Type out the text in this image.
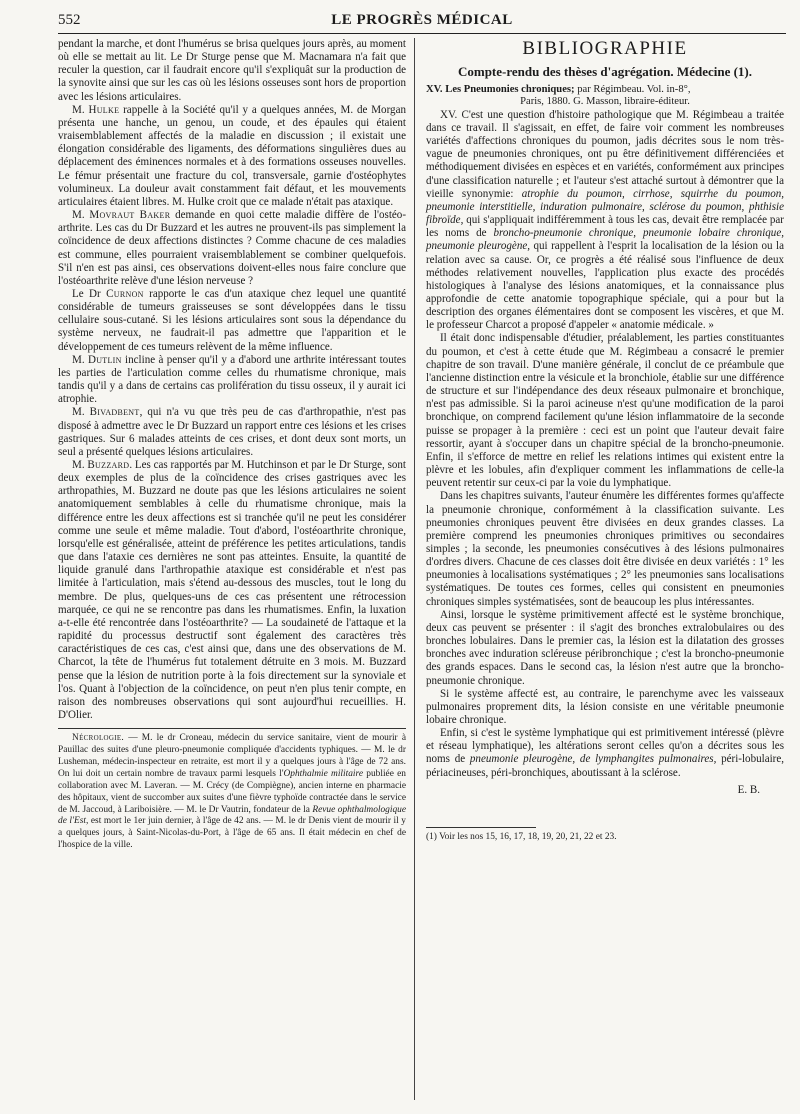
552	LE PROGRÈS MÉDICAL

pendant la marche, et dont l'humérus se brisa quelques jours après, au moment où elle se mettait au lit. Le Dr Sturge pense que M. Macnamara n'a fait que reculer la question, car il faudrait encore qu'il s'expliquât sur la production de la synovite ainsi que sur les cas où les lésions osseuses sont hors de proportion avec les lésions articulaires.

M. Hulke rappelle à la Société qu'il y a quelques années, M. de Morgan présenta une hanche, un genou, un coude, et des épaules qui étaient vraisemblablement affectés de la maladie en discussion ; il existait une élongation considérable des ligaments, des déformations singulières dues au déplacement des éminences normales et à des formations osseuses nouvelles. Le fémur présentait une fracture du col, transversale, garnie d'ostéophytes volumineux. La douleur avait constamment fait défaut, et les mouvements articulaires étaient libres. M. Hulke croit que ce malade n'était pas ataxique.

M. Movraut Baker demande en quoi cette maladie diffère de l'ostéo-arthrite. Les cas du Dr Buzzard et les autres ne prouvent-ils pas simplement la coïncidence de deux affections distinctes ? Comme chacune de ces maladies est commune, elles pourraient vraisemblablement se combiner quelquefois. S'il n'en est pas ainsi, ces observations doivent-elles nous faire conclure que l'ostéoarthrite relève d'une lésion nerveuse ?

Le Dr Curnon rapporte le cas d'un ataxique chez lequel une quantité considérable de tumeurs graisseuses se sont développées dans le tissu cellulaire sous-cutané. Si les lésions articulaires sont sous la dépendance du système nerveux, ne faudrait-il pas admettre que l'apparition et le développement de ces tumeurs relèvent de la même influence.

M. Dutlin incline à penser qu'il y a d'abord une arthrite intéressant toutes les parties de l'articulation comme celles du rhumatisme chronique, mais tandis qu'il y a dans de certains cas prolifération du tissu osseux, il y aurait ici atrophie.

M. Bivadbent, qui n'a vu que très peu de cas d'arthropathie, n'est pas disposé à admettre avec le Dr Buzzard un rapport entre ces lésions et les crises gastriques. Sur 6 malades atteints de ces crises, et dont deux sont morts, un seul a présenté quelques lésions articulaires.

M. Buzzard. Les cas rapportés par M. Hutchinson et par le Dr Sturge, sont deux exemples de plus de la coïncidence des crises gastriques avec les arthropathies, M. Buzzard ne doute pas que les lésions articulaires ne soient anatomiquement semblables à celle du rhumatisme chronique, mais la différence entre les deux affections est si tranchée qu'il ne peut les considérer comme une seule et même maladie. Tout d'abord, l'ostéoarthrite chronique, lorsqu'elle est généralisée, atteint de préférence les petites articulations, tandis que dans l'ataxie ces dernières ne sont pas atteintes. Ensuite, la quantité de liquide granulé dans l'arthropathie ataxique est considérable et n'est pas limitée à l'articulation, mais s'étend au-dessous des muscles, tout le long du membre. De plus, quelques-uns de ces cas présentent une rétrocession marquée, ce qui ne se rencontre pas dans les rhumatismes. Enfin, la luxation a-t-elle été rencontrée dans l'ostéoarthrite? — La soudaineté de l'attaque et la rapidité du processus destructif sont également des caractères très caractéristiques de ces cas, c'est ainsi que, dans une des observations de M. Charcot, la tête de l'humérus fut totalement détruite en 3 mois. M. Buzzard pense que la lésion de nutrition porte à la fois directement sur la synoviale et l'os. Quant à l'objection de la coïncidence, on peut n'en plus tenir compte, en raison des nombreuses observations qui sont aujourd'hui recueillies. H. D'Olier.

Nécrologie. — M. le dr Croneau, médecin du service sanitaire, vient de mourir à Pauillac des suites d'une pleuro-pneumonie compliquée d'accidents typhiques. — M. le dr Lusheman, médecin-inspecteur en retraite, est mort il y a quelques jours à l'âge de 72 ans. On lui doit un certain nombre de travaux parmi lesquels l'Ophthalmie militaire publiée en collaboration avec M. Laveran. — M. Crécy (de Compiègne), ancien interne en pharmacie des hôpitaux, vient de succomber aux suites d'une fièvre typhoïde contractée dans le service de M. Jaccoud, à Lariboisière. — M. le Dr Vautrin, fondateur de la Revue ophthalmologique de l'Est, est mort le 1er juin dernier, à l'âge de 42 ans. — M. le dr Denis vient de mourir il y a quelques jours, à Saint-Nicolas-du-Port, à l'âge de 65 ans. Il était médecin en chef de l'hospice de la ville.

BIBLIOGRAPHIE
Compte-rendu des thèses d'agrégation. Médecine (1).

XV. Les Pneumonies chroniques; par Régimbeau. Vol. in-8°,
Paris, 1880. G. Masson, libraire-éditeur.

XV. C'est une question d'histoire pathologique que M. Régimbeau a traitée dans ce travail. Il s'agissait, en effet, de faire voir comment les nombreuses variétés d'affections chroniques du poumon, jadis décrites sous le nom très-vague de pneumonies chroniques, ont pu être définitivement différenciées et méthodiquement divisées en espèces et en variétés, conformément aux principes d'une classification naturelle ; et l'auteur s'est attaché surtout à démontrer que la vieille synonymie: atrophie du poumon, cirrhose, squirrhe du poumon, pneumonie interstitielle, induration pulmonaire, sclérose du poumon, phthisie fibroïde, qui s'appliquait indifféremment à tous les cas, devait être remplacée par les noms de broncho-pneumonie chronique, pneumonie lobaire chronique, pneumonie pleurogène, qui rappellent à l'esprit la localisation de la lésion ou la relation avec sa cause. Or, ce progrès a été réalisé sous l'influence de deux méthodes relativement nouvelles, l'application plus exacte des procédés histologiques à l'analyse des lésions anatomiques, et la connaissance plus approfondie de cette anatomie topographique spéciale, qui a pour but la description des organes élémentaires dont se composent les viscères, et que M. le professeur Charcot a proposé d'appeler « anatomie médicale. »

Il était donc indispensable d'étudier, préalablement, les parties constituantes du poumon, et c'est à cette étude que M. Régimbeau a consacré le premier chapitre de son travail. D'une manière générale, il conclut de ce préambule que l'ancienne distinction entre la vésicule et la bronchiole, établie sur une différence de structure et sur l'indépendance des deux réseaux pulmonaire et bronchique, n'est pas admissible. Si la paroi acineuse n'est qu'une modification de la paroi bronchique, on comprend facilement qu'une lésion inflammatoire de la seconde puisse se propager à la première : ceci est un point que l'auteur devait faire ressortir, ayant à s'occuper dans un chapitre spécial de la broncho-pneumonie. Enfin, il s'efforce de mettre en relief les relations intimes qui existent entre la plèvre et les lobules, afin d'expliquer comment les inflammations de celle-la peuvent retentir sur ceux-ci par la voie du lymphatique.

Dans les chapitres suivants, l'auteur énumère les différentes formes qu'affecte la pneumonie chronique, conformément à la classification suivante. Les pneumonies chroniques peuvent être divisées en deux grandes classes. La première comprend les pneumonies chroniques primitives ou secondaires simples ; la seconde, les pneumonies consécutives à des lésions pulmonaires d'ordres divers. Chacune de ces classes doit être divisée en deux variétés : 1° les pneumonies à localisations systématiques ; 2° les pneumonies sans localisations systématiques. De toutes ces formes, celles qui consistent en pneumonies chroniques simples systématisées, sont de beaucoup les plus intéressantes.

Ainsi, lorsque le système primitivement affecté est le système bronchique, deux cas peuvent se présenter : il s'agit des bronches extralobulaires ou des bronches lobulaires. Dans le premier cas, la lésion est la dilatation des grosses bronches avec induration scléreuse péribronchique ; c'est la broncho-pneumonie des grands espaces. Dans le second cas, la lésion n'est autre que la broncho-pneumonie chronique.

Si le système affecté est, au contraire, le parenchyme avec les vaisseaux pulmonaires proprement dits, la lésion consiste en une véritable pneumonie lobaire chronique.

Enfin, si c'est le système lymphatique qui est primitivement intéressé (plèvre et réseau lymphatique), les altérations seront celles qu'on a décrites sous les noms de pneumonie pleurogène, de lymphangites pulmonaires, péri-lobulaire, périacineuses, péri-bronchiques, aboutissant à la sclérose.

E. B.

(1) Voir les nos 15, 16, 17, 18, 19, 20, 21, 22 et 23.
